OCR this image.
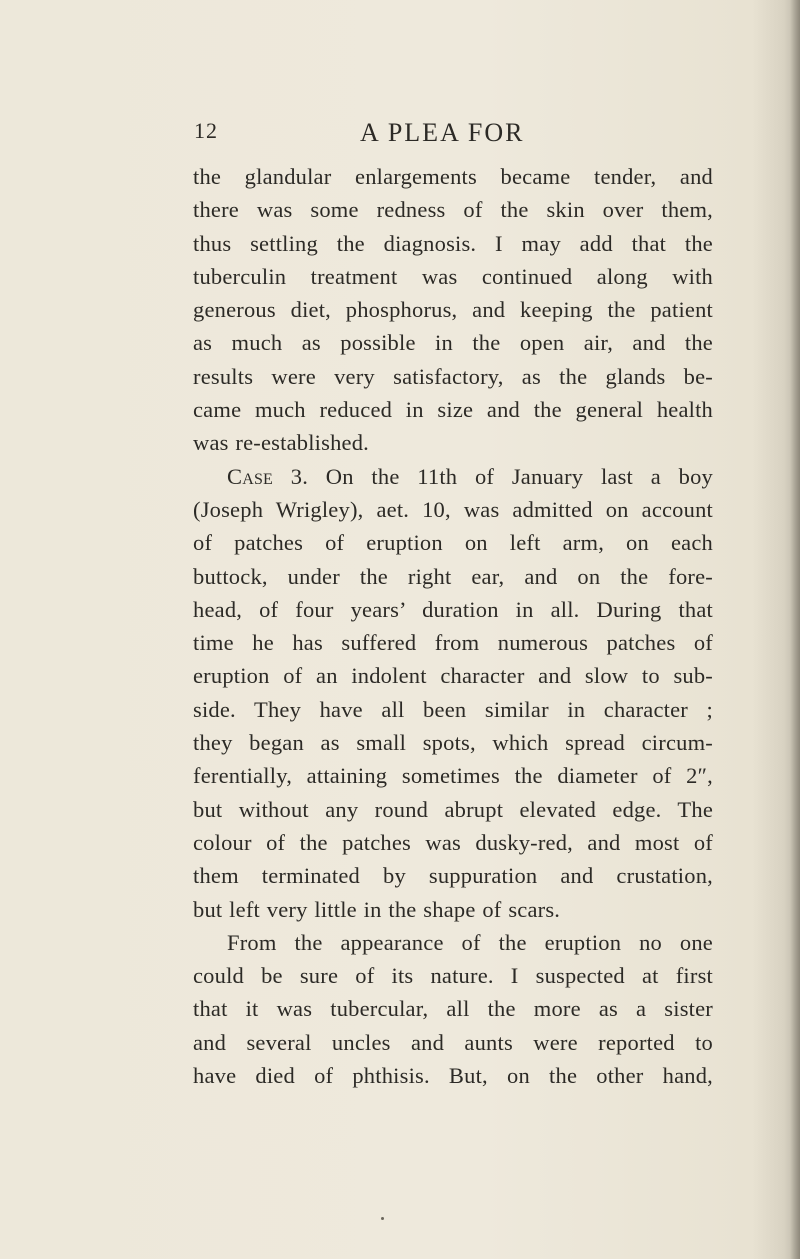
12	A PLEA FOR
the glandular enlargements became tender, and
there was some redness of the skin over them,
thus settling the diagnosis. I may add that the
tuberculin treatment was continued along with
generous diet, phosphorus, and keeping the patient
as much as possible in the open air, and the
results were very satisfactory, as the glands be-
came much reduced in size and the general health
was re-established.
Case 3. On the 11th of January last a boy
(Joseph Wrigley), aet. 10, was admitted on account
of patches of eruption on left arm, on each
buttock, under the right ear, and on the fore-
head, of four years’ duration in all. During that
time he has suffered from numerous patches of
eruption of an indolent character and slow to sub-
side. They have all been similar in character ;
they began as small spots, which spread circum-
ferentially, attaining sometimes the diameter of 2″,
but without any round abrupt elevated edge. The
colour of the patches was dusky-red, and most of
them terminated by suppuration and crustation,
but left very little in the shape of scars.
From the appearance of the eruption no one
could be sure of its nature. I suspected at first
that it was tubercular, all the more as a sister
and several uncles and aunts were reported to
have died of phthisis. But, on the other hand,
